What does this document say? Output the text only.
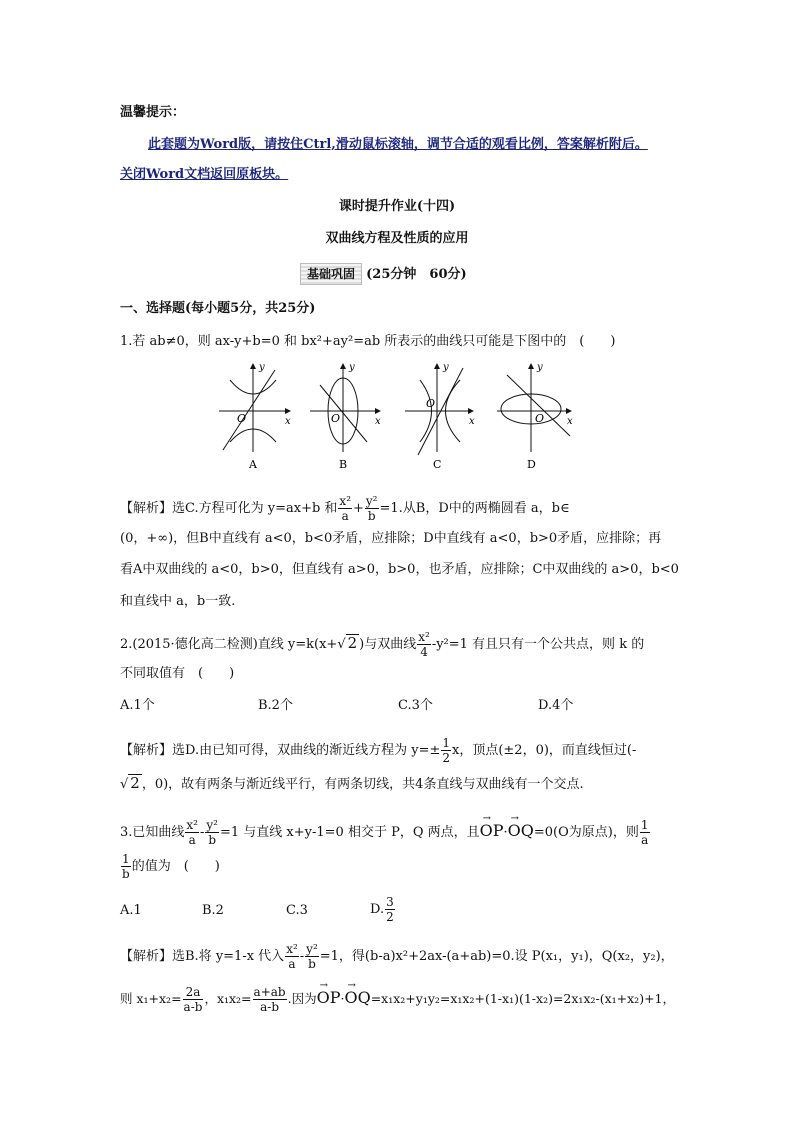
温馨提示：
此套题为Word版，请按住Ctrl,滑动鼠标滚轴，调节合适的观看比例，答案解析附后。
关闭Word文档返回原板块。
课时提升作业(十四)
双曲线方程及性质的应用
基础巩固 (25分钟　60分)
一、选择题(每小题5分，共25分)
1.若 ab≠0，则 ax-y+b=0 和 bx²+ay²=ab 所表示的曲线只可能是下图中的　(　　)
y
x
O
A
y
x
O
B
y
x
O
C
y
x
O
D
【解析】选C.方程可化为 y=ax+b 和 $\frac{\text{x²}}{a} + \frac{\text{y²}}{b} =1$.从B，D中的两椭圆看 a，b∈
(0，+∞)，但B中直线有 a<0，b<0矛盾，应排除；D中直线有 a<0，b>0矛盾，应排除；再
看A中双曲线的 a<0，b>0，但直线有 a>0，b>0，也矛盾，应排除；C中双曲线的 a>0，b<0
和直线中 a，b一致.
2.(2015·德化高二检测)直线 y=k(x+√ 2 )与双曲线 $\frac{\text{x²}}{4} -y^2=1$ 有且只有一个公共点，则 k 的
不同取值有　(　　)
A.1个	B.2个	C.3个	D.4个
【解析】选D.由已知可得，双曲线的渐近线方程为 $y=\pm \frac{1}{2}$ x，顶点(±2，0)，而直线恒过(-
√ 2 ，0)，故有两条与渐近线平行，有两条切线，共4条直线与双曲线有一个交点.
3.已知曲线 $\frac{\text{x²}}{a} - \frac{\text{y²}}{b} =1$ 与直线 x+y-1=0 相交于 P，Q 两点，且→ OP·→ OQ=0(O为原点)，则 $\frac{1}{a}$
$\frac{1}{b}$ 的值为　(　　)
A.1	B.2	C.3	D. $\frac{3}{2}$
【解析】选B.将 y=1-x 代入 $\frac{\text{x²}}{a} - \frac{\text{y²}}{b} =1$，得(b-a)x²+2ax-(a+ab)=0.设 P(x₁，y₁)，Q(x₂，y₂)，
则 $x_1+x_2= \frac{2a}{a-b}$ ，$x_1x_2= \frac{a+ab}{a-b}$ .因为→ OP·→ OQ=x₁x₂+y₁y₂=x₁x₂+(1-x₁)(1-x₂)=2x₁x₂-(x₁+x₂)+1，
